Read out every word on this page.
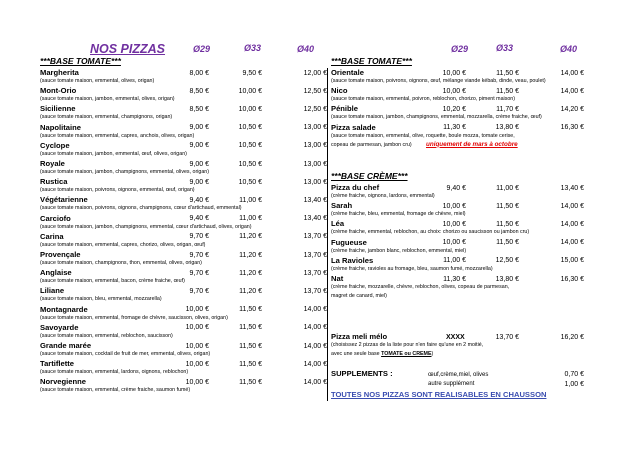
NOS PIZZAS	Ø29	Ø33	Ø40	Ø29	Ø33	Ø40
***BASE TOMATE***
Margherita	8,00 €	9,50 €	12,00 €
(sauce tomate maison, emmental, olives, origan)
Mont-Orio	8,50 €	10,00 €	12,50 €
(sauce tomate maison, jambon, emmental, olives, origan)
Sicilienne	8,50 €	10,00 €	12,50 €
(sauce tomate maison, emmental, champignons, origan)
Napolitaine	9,00 €	10,50 €	13,00 €
(sauce tomate maison, emmental, capres, anchois, olives, origan)
Cyclope	9,00 €	10,50 €	13,00 €
(sauce tomate maison, jambon, emmental, œuf, olives, origan)
Royale	9,00 €	10,50 €	13,00 €
(sauce tomate maison, jambon, champignons, emmental, olives, origan)
Rustica	9,00 €	10,50 €	13,00 €
(sauce tomate maison, poivrons, oignons, emmental, œuf, origan)
Végétarienne	9,40 €	11,00 €	13,40 €
(sauce tomate maison, poivrons, oignons, champignons, cœur d'artichaud, emmental)
Carciofo	9,40 €	11,00 €	13,40 €
(sauce tomate maison, jambon, champignons, emmental, cœur d'artichaud, olives, origan)
Carina	9,70 €	11,20 €	13,70 €
(sauce tomate maison, emmental, capres, chorizo, olives, origan, œuf)
Provençale	9,70 €	11,20 €	13,70 €
(sauce tomate maison, champignons, thon, emmental, olives, origan)
Anglaise	9,70 €	11,20 €	13,70 €
(sauce tomate maison, emmental, bacon, crème fraiche, œuf)
Liliane	9,70 €	11,20 €	13,70 €
(sauce tomate maison, bleu, emmental, mozzarella)
Montagnarde	10,00 €	11,50 €	14,00 €
(sauce tomate maison, emmental, fromage de chèvre, saucisson, olives, origan)
Savoyarde	10,00 €	11,50 €	14,00 €
(sauce tomate maison, emmental, reblochon, saucisson)
Grande marée	10,00 €	11,50 €	14,00 €
(sauce tomate maison, cocktail de fruit de mer, emmental, olives, origan)
Tartiflette	10,00 €	11,50 €	14,00 €
(sauce tomate maison, emmental, lardons, oignons, reblochon)
Norvegienne	10,00 €	11,50 €	14,00 €
(sauce tomate maison, emmental, crème fraiche, saumon fumé)
***BASE TOMATE***
Orientale	10,00 €	11,50 €	14,00 €
(sauce tomate maison, poivrons, oignons, œuf, mélange viande kébab, dinde, veau, poulet)
Nico	10,00 €	11,50 €	14,00 €
(sauce tomate maison, emmental, poivron, reblochon, chorizo, piment maison)
Pénible	10,20 €	11,70 €	14,20 €
(sauce tomate maison, jambon, champignons, emmental, mozzarella, crème fraiche, œuf)
Pizza salade	11,30 €	13,80 €	16,30 €
(sauce tomate maison, emmental, olive, roquette, boule mozza, tomate cerise,
copeau de parmesan, jambon cru) uniquement de mars à octobre
***BASE CRÈME***
Pizza du chef	9,40 €	11,00 €	13,40 €
(crème fraiche, oignons, lardons, emmental)
Sarah	10,00 €	11,50 €	14,00 €
(crème fraiche, bleu, emmental, fromage de chèvre, miel)
Léa	10,00 €	11,50 €	14,00 €
(crème fraiche, emmental, reblochon, au choix: chorizo ou saucisson ou jambon cru)
Fugueuse	10,00 €	11,50 €	14,00 €
(crème fraiche, jambon blanc, reblochon, emmental, miel)
La Ravioles	11,00 €	12,50 €	15,00 €
(crème fraiche, ravioles au fromage, bleu, saumon fumé, mozzarella)
Nat	11,30 €	13,80 €	16,30 €
(crème fraiche, mozzarelle, chèvre, reblochon, olives, copeau de parmesan,
magret de canard, miel)
Pizza meli mélo	XXXX	13,70 €	16,20 €
(choisissez 2 pizzas de la liste pour n'en faire qu'une en 2 moitié,
avec une seule base TOMATE ou CREME)
SUPPLEMENTS :	œuf,crème,miel, olives	0,70 €
autre supplément	1,00 €
TOUTES NOS PIZZAS SONT REALISABLES EN CHAUSSON
